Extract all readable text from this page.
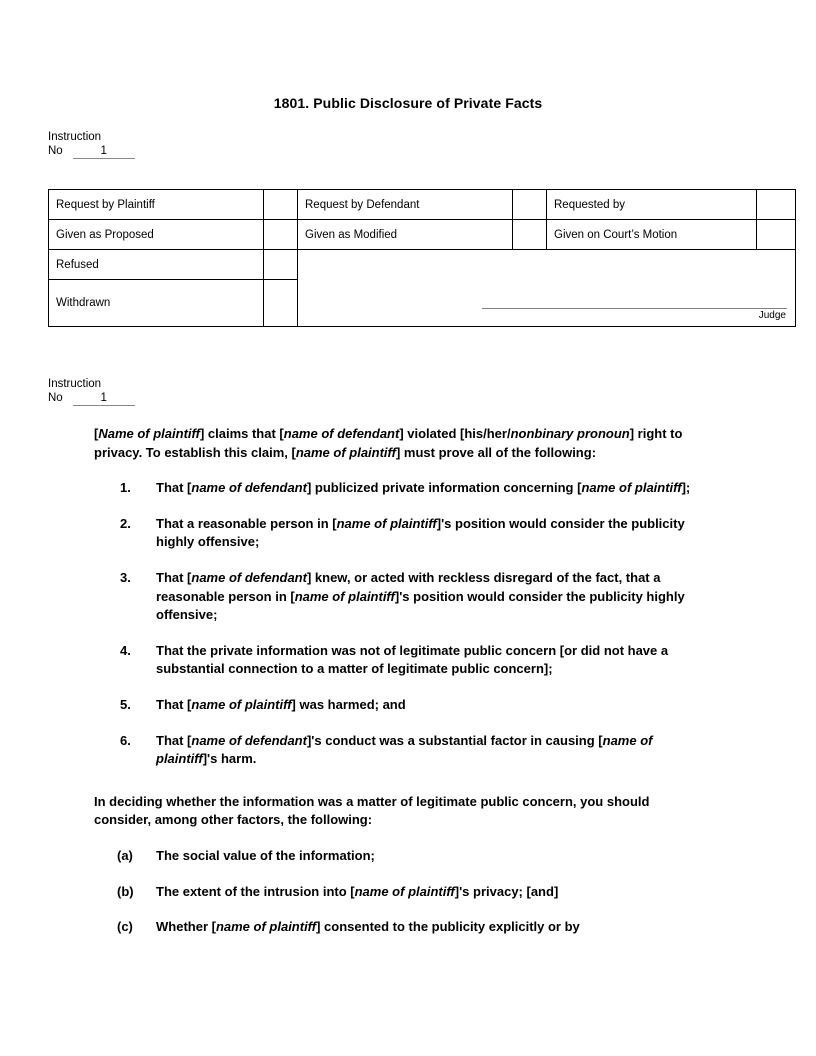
1801. Public Disclosure of Private Facts
Instruction
No	1
Request by Plaintiff		Request by Defendant		Requested by	
Given as Proposed		Given as Modified		Given on Court’s Motion	
Refused		Judge			

Withdrawn					
Instruction
No	1

[Name of plaintiff] claims that [name of defendant] violated [his/her/nonbinary pronoun] right to privacy. To establish this claim, [name of plaintiff] must prove all of the following:

1.	That [name of defendant] publicized private information concerning [name of plaintiff];
2.	That a reasonable person in [name of plaintiff]'s position would consider the publicity highly offensive;
3.	That [name of defendant] knew, or acted with reckless disregard of the fact, that a reasonable person in [name of plaintiff]'s position would consider the publicity highly offensive;
4.	That the private information was not of legitimate public concern [or did not have a substantial connection to a matter of legitimate public concern];
5.	That [name of plaintiff] was harmed; and
6.	That [name of defendant]'s conduct was a substantial factor in causing [name of plaintiff]'s harm.

In deciding whether the information was a matter of legitimate public concern, you should consider, among other factors, the following:

(a)	The social value of the information;
(b)	The extent of the intrusion into [name of plaintiff]'s privacy; [and]
(c)	Whether [name of plaintiff] consented to the publicity explicitly or by
